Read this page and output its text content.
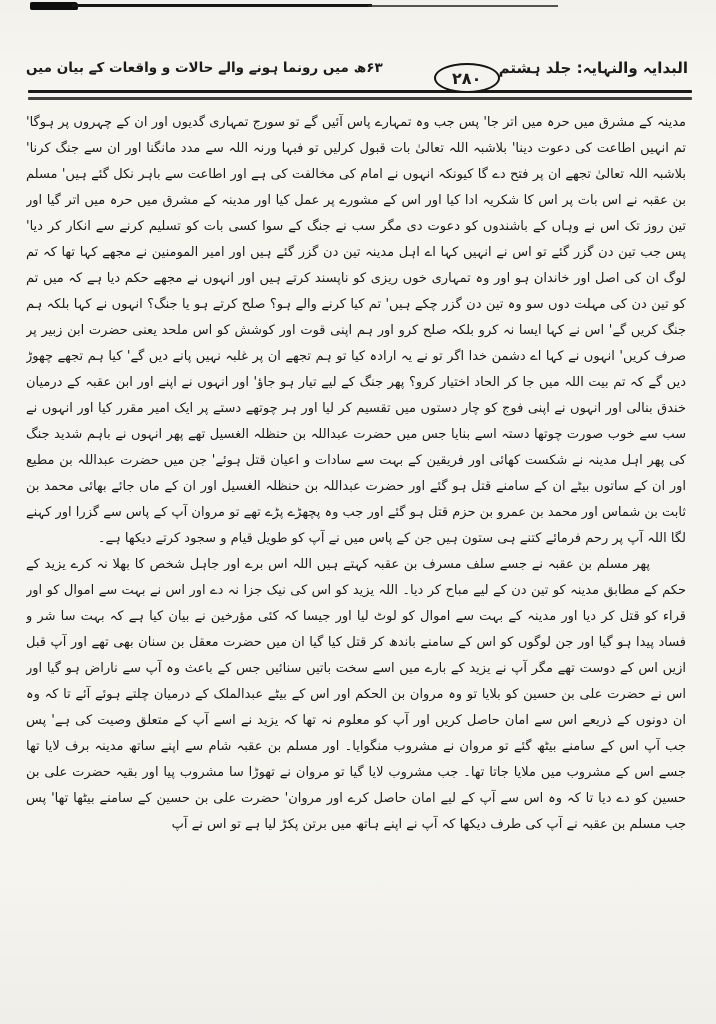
البدایہ والنہایہ: جلد ہشتم
۲۸۰
۶۳ھ میں رونما ہونے والے حالات و واقعات کے بیان میں

مدینہ کے مشرق میں حرہ میں اتر جا' پس جب وہ تمہارے پاس آئیں گے تو سورج تمہاری گدیوں اور ان کے چہروں پر ہوگا' تم انہیں اطاعت کی دعوت دینا' بلاشبہ اللہ تعالیٰ بات قبول کرلیں تو فبہا ورنہ اللہ سے مدد مانگنا اور ان سے جنگ کرنا' بلاشبہ اللہ تعالیٰ تجھے ان پر فتح دے گا کیونکہ انہوں نے امام کی مخالفت کی ہے اور اطاعت سے باہر نکل گئے ہیں' مسلم بن عقبہ نے اس بات پر اس کا شکریہ ادا کیا اور اس کے مشورے پر عمل کیا اور مدینہ کے مشرق میں حرہ میں اتر گیا اور تین روز تک اس نے وہاں کے باشندوں کو دعوت دی مگر سب نے جنگ کے سوا کسی بات کو تسلیم کرنے سے انکار کر دیا' پس جب تین دن گزر گئے تو اس نے انہیں کہا اے اہل مدینہ تین دن گزر گئے ہیں اور امیر المومنین نے مجھے کہا تھا کہ تم لوگ ان کی اصل اور خاندان ہو اور وہ تمہاری خوں ریزی کو ناپسند کرتے ہیں اور انہوں نے مجھے حکم دیا ہے کہ میں تم کو تین دن کی مہلت دوں سو وہ تین دن گزر چکے ہیں' تم کیا کرنے والے ہو؟ صلح کرتے ہو یا جنگ؟ انہوں نے کہا بلکہ ہم جنگ کریں گے' اس نے کہا ایسا نہ کرو بلکہ صلح کرو اور ہم اپنی قوت اور کوشش کو اس ملحد یعنی حضرت ابن زبیر پر صرف کریں' انہوں نے کہا اے دشمن خدا اگر تو نے یہ ارادہ کیا تو ہم تجھے ان پر غلبہ نہیں پانے دیں گے' کیا ہم تجھے چھوڑ دیں گے کہ تم بیت اللہ میں جا کر الحاد اختیار کرو؟ پھر جنگ کے لیے تیار ہو جاؤ' اور انہوں نے اپنے اور ابن عقبہ کے درمیان خندق بنالی اور انہوں نے اپنی فوج کو چار دستوں میں تقسیم کر لیا اور ہر چوتھے دستے پر ایک امیر مقرر کیا اور انہوں نے سب سے خوب صورت چوتھا دستہ اسے بنایا جس میں حضرت عبداللہ بن حنظلہ الغسیل تھے پھر انہوں نے باہم شدید جنگ کی پھر اہل مدینہ نے شکست کھائی اور فریقین کے بہت سے سادات و اعیان قتل ہوئے' جن میں حضرت عبداللہ بن مطیع اور ان کے ساتوں بیٹے ان کے سامنے قتل ہو گئے اور حضرت عبداللہ بن حنظلہ الغسیل اور ان کے ماں جائے بھائی محمد بن ثابت بن شماس اور محمد بن عمرو بن حزم قتل ہو گئے اور جب وہ پچھڑے پڑے تھے تو مروان آپ کے پاس سے گزرا اور کہنے لگا اللہ آپ پر رحم فرمائے کتنے ہی ستون ہیں جن کے پاس میں نے آپ کو طویل قیام و سجود کرتے دیکھا ہے۔

پھر مسلم بن عقبہ نے جسے سلف مسرف بن عقبہ کہتے ہیں اللہ اس برے اور جاہل شخص کا بھلا نہ کرے یزید کے حکم کے مطابق مدینہ کو تین دن کے لیے مباح کر دیا۔ اللہ یزید کو اس کی نیک جزا نہ دے اور اس نے بہت سے اموال کو اور قراء کو قتل کر دیا اور مدینہ کے بہت سے اموال کو لوٹ لیا اور جیسا کہ کئی مؤرخین نے بیان کیا ہے کہ بہت سا شر و فساد پیدا ہو گیا اور جن لوگوں کو اس کے سامنے باندھ کر قتل کیا گیا ان میں حضرت معقل بن سنان بھی تھے اور آپ قبل ازیں اس کے دوست تھے مگر آپ نے یزید کے بارے میں اسے سخت باتیں سنائیں جس کے باعث وہ آپ سے ناراض ہو گیا اور اس نے حضرت علی بن حسین کو بلایا تو وہ مروان بن الحکم اور اس کے بیٹے عبدالملک کے درمیان چلتے ہوئے آئے تا کہ وہ ان دونوں کے ذریعے اس سے امان حاصل کریں اور آپ کو معلوم نہ تھا کہ یزید نے اسے آپ کے متعلق وصیت کی ہے' پس جب آپ اس کے سامنے بیٹھ گئے تو مروان نے مشروب منگوایا۔ اور مسلم بن عقبہ شام سے اپنے ساتھ مدینہ برف لایا تھا جسے اس کے مشروب میں ملایا جاتا تھا۔ جب مشروب لایا گیا تو مروان نے تھوڑا سا مشروب پیا اور بقیہ حضرت علی بن حسین کو دے دیا تا کہ وہ اس سے آپ کے لیے امان حاصل کرے اور مروان' حضرت علی بن حسین کے سامنے بیٹھا تھا' پس جب مسلم بن عقبہ نے آپ کی طرف دیکھا کہ آپ نے اپنے ہاتھ میں برتن پکڑ لیا ہے تو اس نے آپ
